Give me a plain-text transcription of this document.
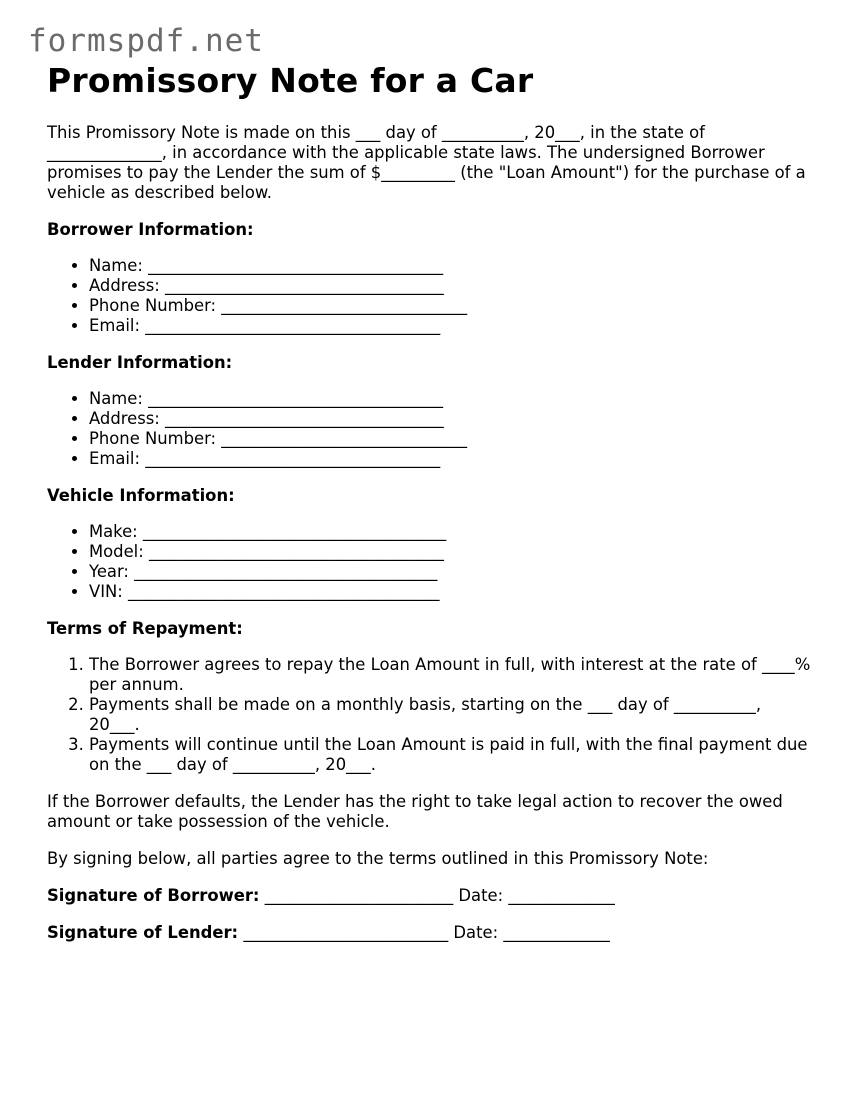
formspdf.net
Promissory Note for a Car

This Promissory Note is made on this ___ day of __________, 20___, in the state of ______________, in accordance with the applicable state laws. The undersigned Borrower promises to pay the Lender the sum of $_________ (the "Loan Amount") for the purchase of a vehicle as described below.

Borrower Information:

• Name: ____________________________________
• Address: __________________________________
• Phone Number: ______________________________
• Email: ____________________________________

Lender Information:

• Name: ____________________________________
• Address: __________________________________
• Phone Number: ______________________________
• Email: ____________________________________

Vehicle Information:

• Make: _____________________________________
• Model: ____________________________________
• Year: _____________________________________
• VIN: ______________________________________

Terms of Repayment:

1. The Borrower agrees to repay the Loan Amount in full, with interest at the rate of ____% per annum.
2. Payments shall be made on a monthly basis, starting on the ___ day of __________, 20___.
3. Payments will continue until the Loan Amount is paid in full, with the final payment due on the ___ day of __________, 20___.

If the Borrower defaults, the Lender has the right to take legal action to recover the owed amount or take possession of the vehicle.

By signing below, all parties agree to the terms outlined in this Promissory Note:

Signature of Borrower: _______________________ Date: _____________

Signature of Lender: _________________________ Date: _____________
